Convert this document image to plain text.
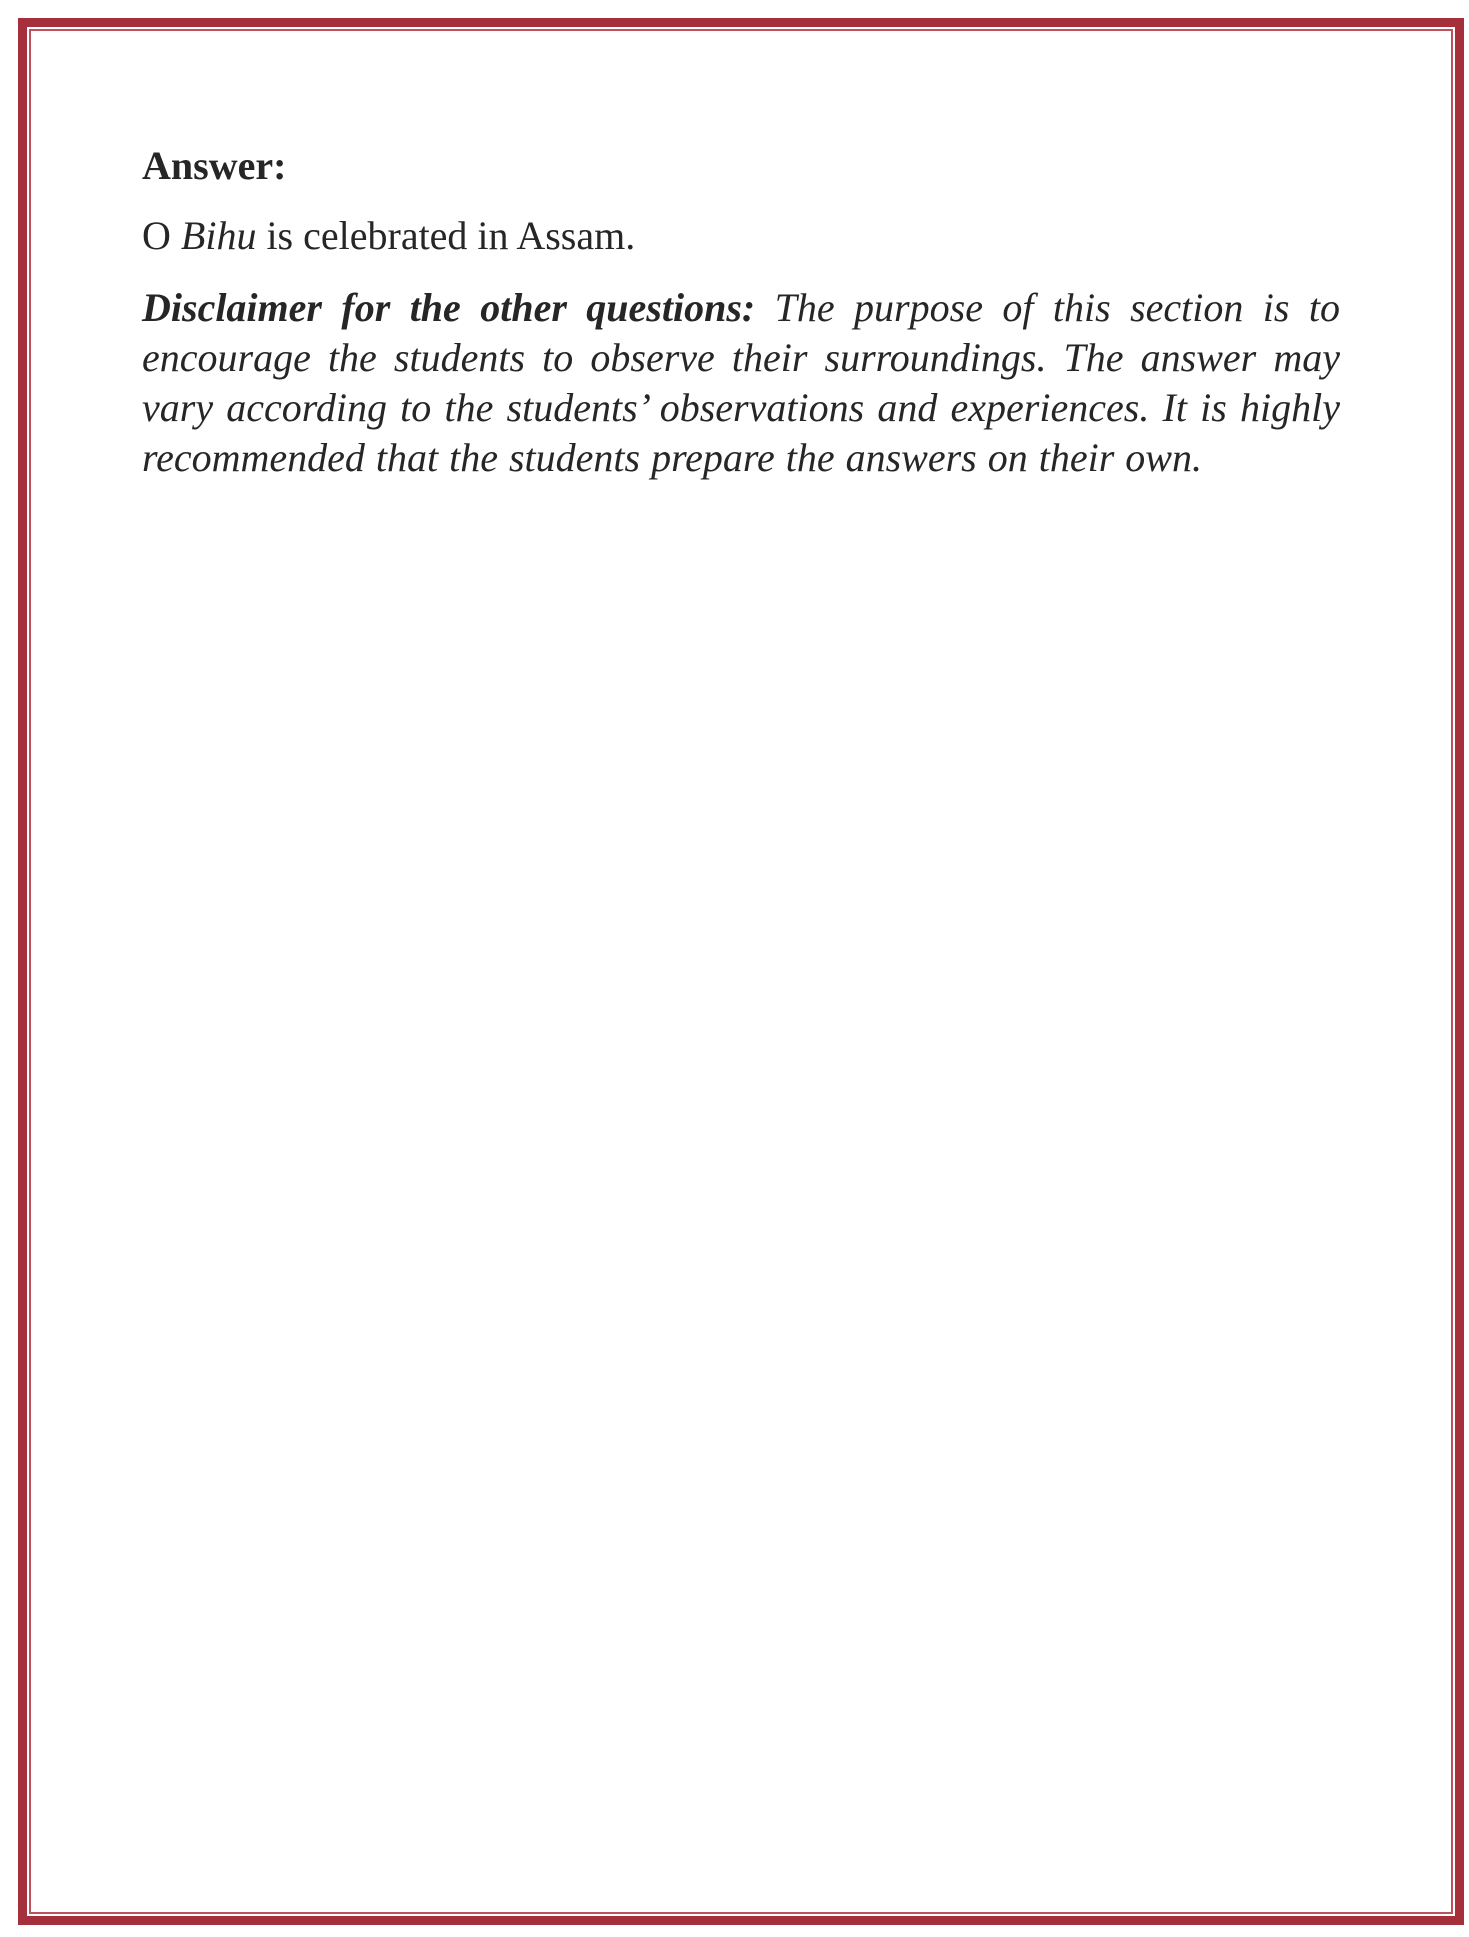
Answer:

O Bihu is celebrated in Assam.

Disclaimer for the other questions: The purpose of this section is to encourage the students to observe their surroundings. The answer may vary according to the students’ observations and experiences. It is highly recommended that the students prepare the answers on their own.
